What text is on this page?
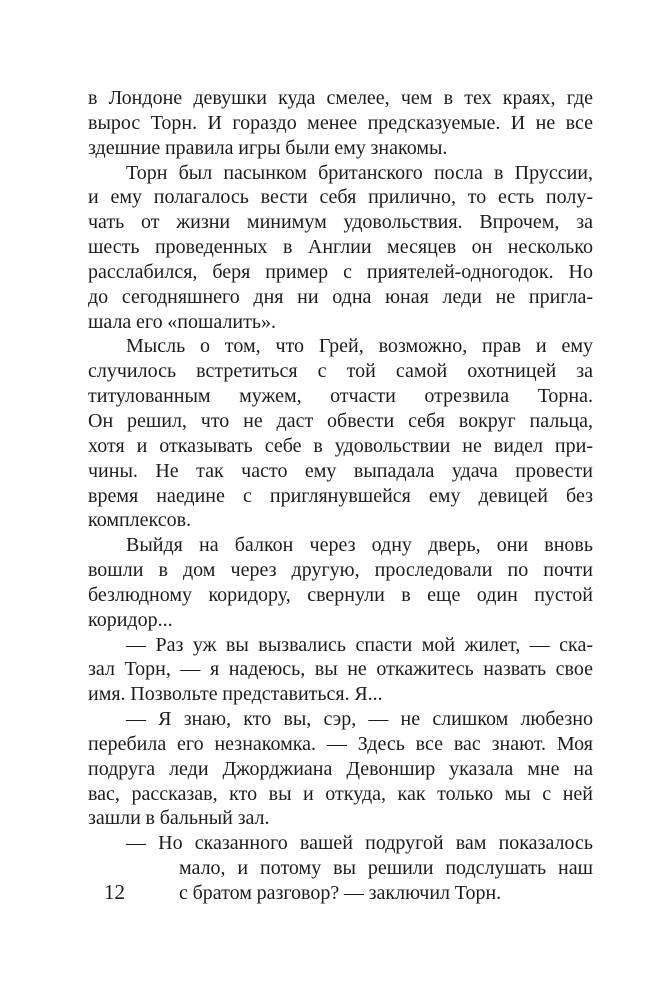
в Лондоне девушки куда смелее, чем в тех краях, где
вырос Торн. И гораздо менее предсказуемые. И не все
здешние правила игры были ему знакомы.
Торн был пасынком британского посла в Пруссии,
и ему полагалось вести себя прилично, то есть полу-
чать от жизни минимум удовольствия. Впрочем, за
шесть проведенных в Англии месяцев он несколько
расслабился, беря пример с приятелей-одногодок. Но
до сегодняшнего дня ни одна юная леди не пригла-
шала его «пошалить».
Мысль о том, что Грей, возможно, прав и ему
случилось встретиться с той самой охотницей за
титулованным мужем, отчасти отрезвила Торна.
Он решил, что не даст обвести себя вокруг пальца,
хотя и отказывать себе в удовольствии не видел при-
чины. Не так часто ему выпадала удача провести
время наедине с приглянувшейся ему девицей без
комплексов.
Выйдя на балкон через одну дверь, они вновь
вошли в дом через другую, проследовали по почти
безлюдному коридору, свернули в еще один пустой
коридор...
— Раз уж вы вызвались спасти мой жилет, — ска-
зал Торн, — я надеюсь, вы не откажитесь назвать свое
имя. Позвольте представиться. Я...
— Я знаю, кто вы, сэр, — не слишком любезно
перебила его незнакомка. — Здесь все вас знают. Моя
подруга леди Джорджиана Девоншир указала мне на
вас, рассказав, кто вы и откуда, как только мы с ней
зашли в бальный зал.
— Но сказанного вашей подругой вам показалось
мало, и потому вы решили подслушать наш
с братом разговор? — заключил Торн.
12
